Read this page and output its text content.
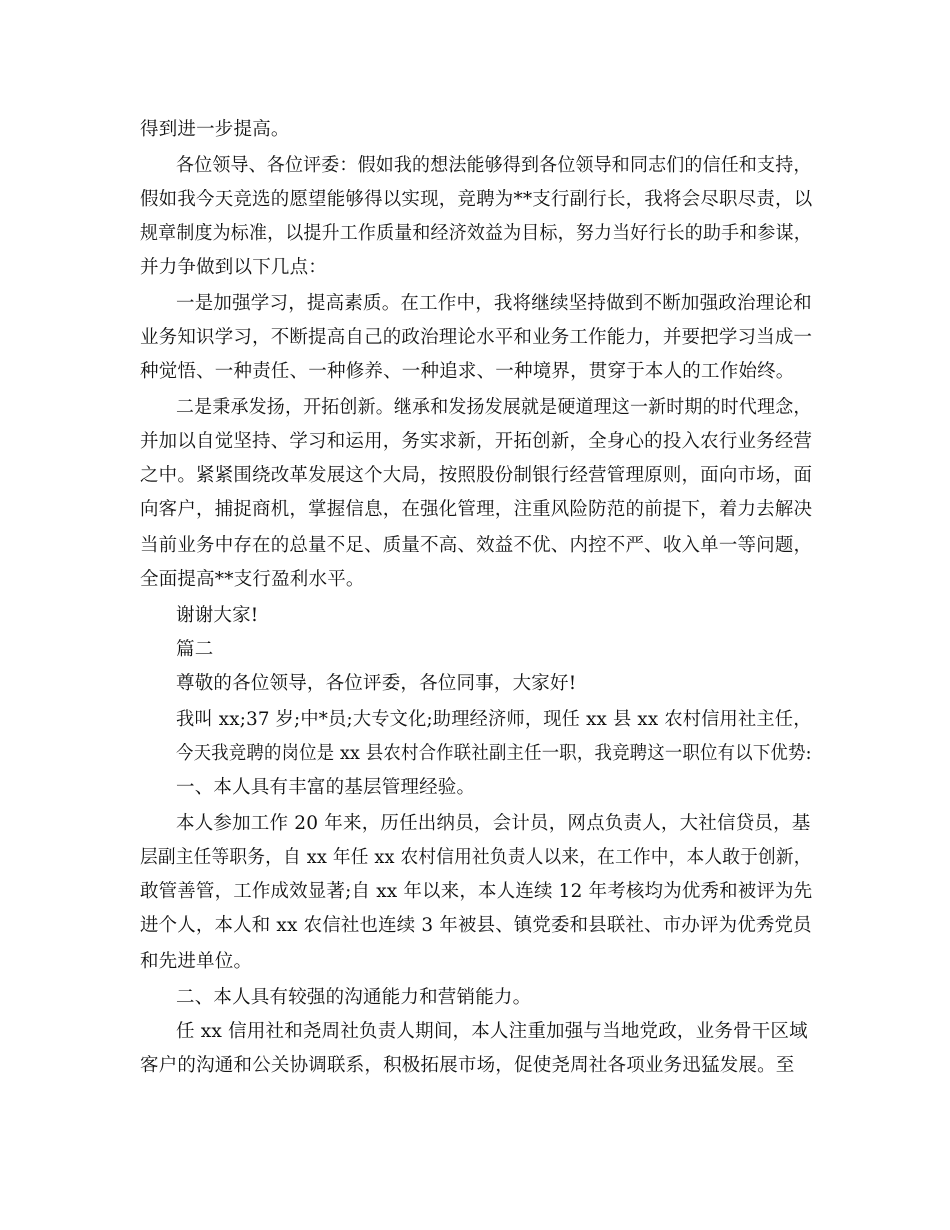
得到进一步提高。
各位领导、各位评委：假如我的想法能够得到各位领导和同志们的信任和支持，
假如我今天竞选的愿望能够得以实现，竞聘为**支行副行长，我将会尽职尽责，以
规章制度为标准，以提升工作质量和经济效益为目标，努力当好行长的助手和参谋，
并力争做到以下几点：
一是加强学习，提高素质。在工作中，我将继续坚持做到不断加强政治理论和
业务知识学习，不断提高自己的政治理论水平和业务工作能力，并要把学习当成一
种觉悟、一种责任、一种修养、一种追求、一种境界，贯穿于本人的工作始终。
二是秉承发扬，开拓创新。继承和发扬发展就是硬道理这一新时期的时代理念，
并加以自觉坚持、学习和运用，务实求新，开拓创新，全身心的投入农行业务经营
之中。紧紧围绕改革发展这个大局，按照股份制银行经营管理原则，面向市场，面
向客户，捕捉商机，掌握信息，在强化管理，注重风险防范的前提下，着力去解决
当前业务中存在的总量不足、质量不高、效益不优、内控不严、收入单一等问题，
全面提高**支行盈利水平。
谢谢大家!
篇二
尊敬的各位领导，各位评委，各位同事，大家好!
我叫 xx;37 岁;中*员;大专文化;助理经济师，现任 xx 县 xx 农村信用社主任，
今天我竞聘的岗位是 xx 县农村合作联社副主任一职，我竞聘这一职位有以下优势:
一、本人具有丰富的基层管理经验。
本人参加工作 20 年来，历任出纳员，会计员，网点负责人，大社信贷员，基
层副主任等职务，自 xx 年任 xx 农村信用社负责人以来，在工作中，本人敢于创新，
敢管善管，工作成效显著;自 xx 年以来，本人连续 12 年考核均为优秀和被评为先
进个人，本人和 xx 农信社也连续 3 年被县、镇党委和县联社、市办评为优秀党员
和先进单位。
二、本人具有较强的沟通能力和营销能力。
任 xx 信用社和尧周社负责人期间，本人注重加强与当地党政，业务骨干区域
客户的沟通和公关协调联系，积极拓展市场，促使尧周社各项业务迅猛发展。至
